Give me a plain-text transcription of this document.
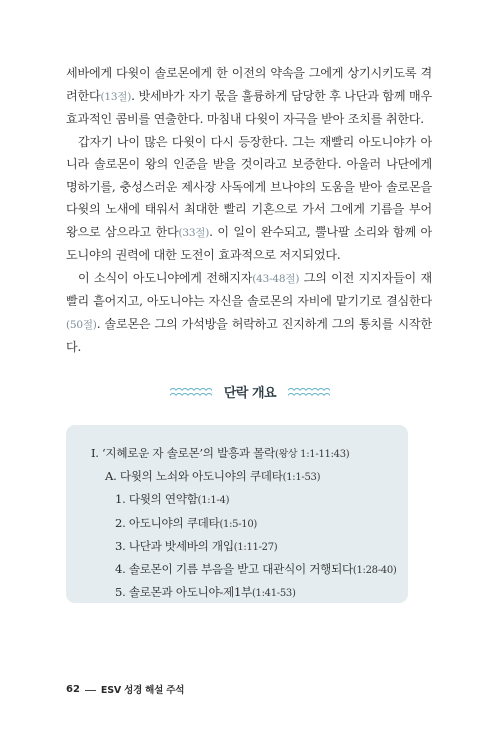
세바에게 다윗이 솔로몬에게 한 이전의 약속을 그에게 상기시키도록 격려한다(13절). 밧세바가 자기 몫을 훌륭하게 담당한 후 나단과 함께 매우 효과적인 콤비를 연출한다. 마침내 다윗이 자극을 받아 조치를 취한다.

갑자기 나이 많은 다윗이 다시 등장한다. 그는 재빨리 아도니야가 아니라 솔로몬이 왕의 인준을 받을 것이라고 보증한다. 아울러 나단에게 명하기를, 충성스러운 제사장 사독에게 브나야의 도움을 받아 솔로몬을 다윗의 노새에 태워서 최대한 빨리 기혼으로 가서 그에게 기름을 부어 왕으로 삼으라고 한다(33절). 이 일이 완수되고, 뿔나팔 소리와 함께 아도니야의 권력에 대한 도전이 효과적으로 저지되었다.

이 소식이 아도니야에게 전해지자(43-48절) 그의 이전 지지자들이 재빨리 흩어지고, 아도니야는 자신을 솔로몬의 자비에 맡기기로 결심한다(50절). 솔로몬은 그의 가석방을 허락하고 진지하게 그의 통치를 시작한다.

단락 개요
I. ‘지혜로운 자 솔로몬’의 발흥과 몰락(왕상 1:1-11:43)
A. 다윗의 노쇠와 아도니야의 쿠데타(1:1-53)
1. 다윗의 연약함(1:1-4)
2. 아도니야의 쿠데타(1:5-10)
3. 나단과 밧세바의 개입(1:11-27)
4. 솔로몬이 기름 부음을 받고 대관식이 거행되다(1:28-40)
5. 솔로몬과 아도니야-제1부(1:41-53)
62 ESV 성경 해설 주석
